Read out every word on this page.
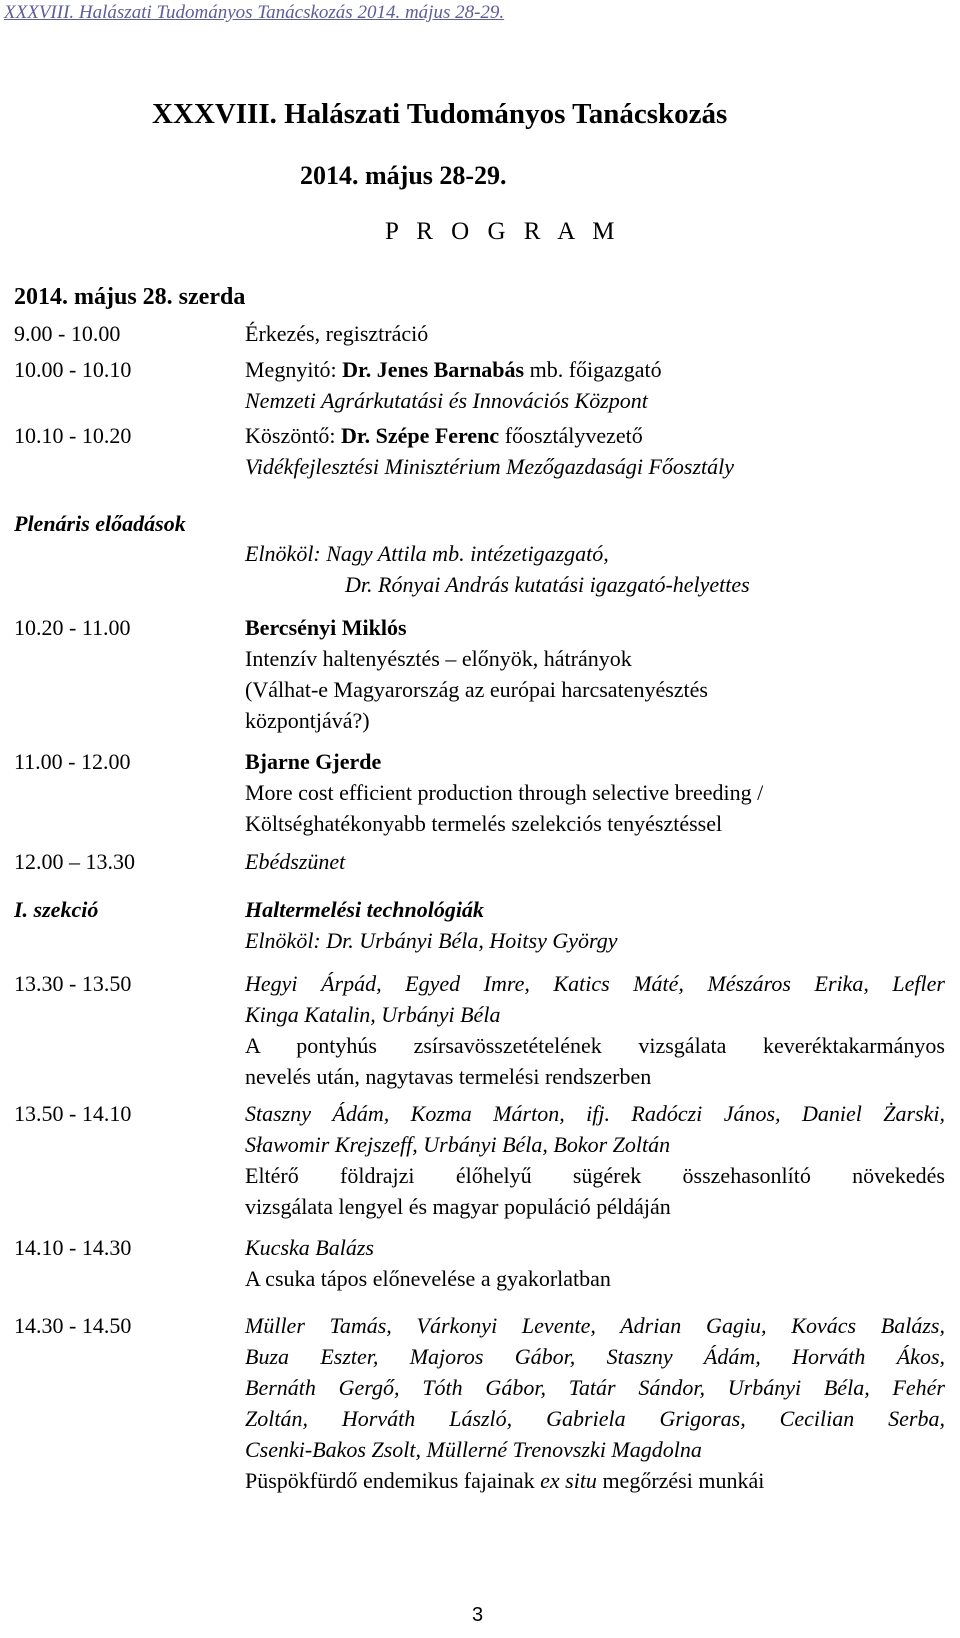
XXXVIII. Halászati Tudományos Tanácskozás 2014. május 28-29.
XXXVIII. Halászati Tudományos Tanácskozás
2014. május 28-29.
P R O G R A M
2014. május 28. szerda
9.00 - 10.00	Érkezés, regisztráció
10.00 - 10.10	Megnyitó: Dr. Jenes Barnabás mb. főigazgató
Nemzeti Agrárkutatási és Innovációs Központ
10.10 - 10.20	Köszöntő: Dr. Szépe Ferenc főosztályvezető
Vidékfejlesztési Minisztérium Mezőgazdasági Főosztály
Plenáris előadások
Elnököl: Nagy Attila mb. intézetigazgató,
Dr. Rónyai András kutatási igazgató-helyettes
10.20 - 11.00	Bercsényi Miklós
Intenzív haltenyésztés – előnyök, hátrányok
(Válhat-e Magyarország az európai harcsatenyésztés
központjává?)
11.00 - 12.00	Bjarne Gjerde
More cost efficient production through selective breeding /
Költséghatékonyabb termelés szelekciós tenyésztéssel
12.00 – 13.30	Ebédszünet
I. szekció	Haltermelési technológiák
Elnököl: Dr. Urbányi Béla, Hoitsy György
13.30 - 13.50	Hegyi Árpád, Egyed Imre, Katics Máté, Mészáros Erika, Lefler
Kinga Katalin, Urbányi Béla
A pontyhús zsírsavösszetételének vizsgálata keveréktakarmányos
nevelés után, nagytavas termelési rendszerben
13.50 - 14.10	Staszny Ádám, Kozma Márton, ifj. Radóczi János, Daniel Żarski,
Sławomir Krejszeff, Urbányi Béla, Bokor Zoltán
Eltérő földrajzi élőhelyű sügérek összehasonlító növekedés
vizsgálata lengyel és magyar populáció példáján
14.10 - 14.30	Kucska Balázs
A csuka tápos előnevelése a gyakorlatban
14.30 - 14.50	Müller Tamás, Várkonyi Levente, Adrian Gagiu, Kovács Balázs,
Buza Eszter, Majoros Gábor, Staszny Ádám, Horváth Ákos,
Bernáth Gergő, Tóth Gábor, Tatár Sándor, Urbányi Béla, Fehér
Zoltán, Horváth László, Gabriela Grigoras, Cecilian Serba,
Csenki-Bakos Zsolt, Müllerné Trenovszki Magdolna
Püspökfürdő endemikus fajainak ex situ megőrzési munkái
3
